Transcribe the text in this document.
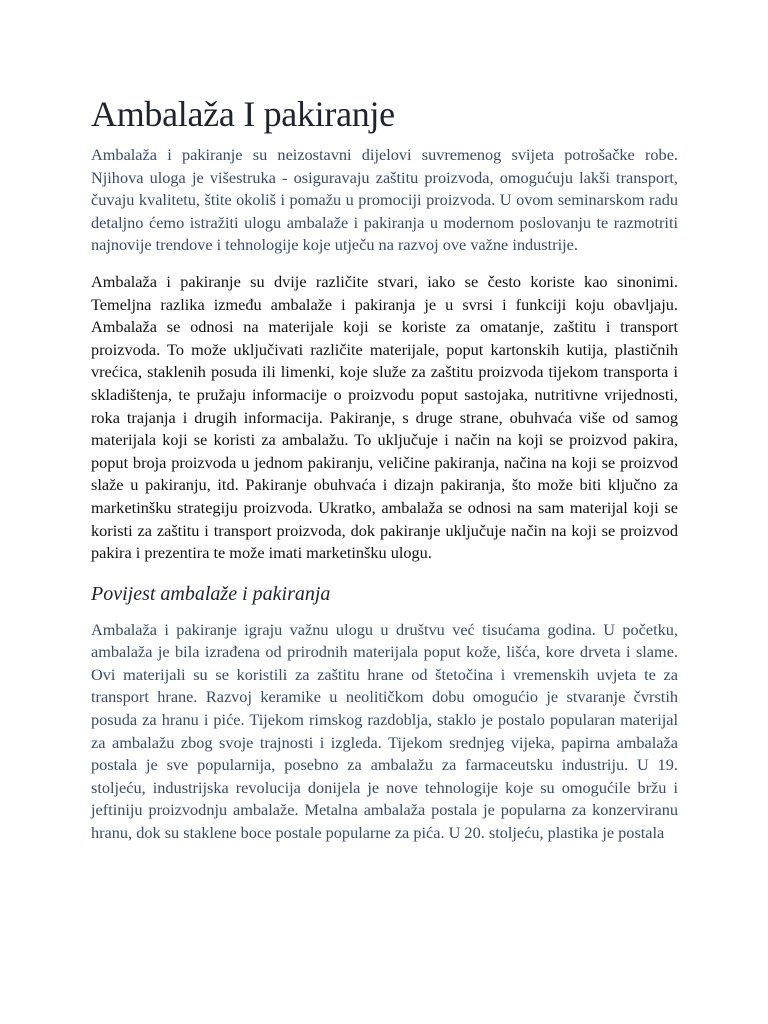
Ambalaža I pakiranje

Ambalaža i pakiranje su neizostavni dijelovi suvremenog svijeta potrošačke robe. Njihova uloga je višestruka - osiguravaju zaštitu proizvoda, omogućuju lakši transport, čuvaju kvalitetu, štite okoliš i pomažu u promociji proizvoda. U ovom seminarskom radu detaljno ćemo istražiti ulogu ambalaže i pakiranja u modernom poslovanju te razmotriti najnovije trendove i tehnologije koje utječu na razvoj ove važne industrije.

Ambalaža i pakiranje su dvije različite stvari, iako se često koriste kao sinonimi. Temeljna razlika između ambalaže i pakiranja je u svrsi i funkciji koju obavljaju. Ambalaža se odnosi na materijale koji se koriste za omatanje, zaštitu i transport proizvoda. To može uključivati različite materijale, poput kartonskih kutija, plastičnih vrećica, staklenih posuda ili limenki, koje služe za zaštitu proizvoda tijekom transporta i skladištenja, te pružaju informacije o proizvodu poput sastojaka, nutritivne vrijednosti, roka trajanja i drugih informacija. Pakiranje, s druge strane, obuhvaća više od samog materijala koji se koristi za ambalažu. To uključuje i način na koji se proizvod pakira, poput broja proizvoda u jednom pakiranju, veličine pakiranja, načina na koji se proizvod slaže u pakiranju, itd. Pakiranje obuhvaća i dizajn pakiranja, što može biti ključno za marketinšku strategiju proizvoda. Ukratko, ambalaža se odnosi na sam materijal koji se koristi za zaštitu i transport proizvoda, dok pakiranje uključuje način na koji se proizvod pakira i prezentira te može imati marketinšku ulogu.

Povijest ambalaže i pakiranja

Ambalaža i pakiranje igraju važnu ulogu u društvu već tisućama godina. U početku, ambalaža je bila izrađena od prirodnih materijala poput kože, lišća, kore drveta i slame. Ovi materijali su se koristili za zaštitu hrane od štetočina i vremenskih uvjeta te za transport hrane. Razvoj keramike u neolitičkom dobu omogućio je stvaranje čvrstih posuda za hranu i piće. Tijekom rimskog razdoblja, staklo je postalo popularan materijal za ambalažu zbog svoje trajnosti i izgleda. Tijekom srednjeg vijeka, papirna ambalaža postala je sve popularnija, posebno za ambalažu za farmaceutsku industriju. U 19. stoljeću, industrijska revolucija donijela je nove tehnologije koje su omogućile bržu i jeftiniju proizvodnju ambalaže. Metalna ambalaža postala je popularna za konzerviranu hranu, dok su staklene boce postale popularne za pića. U 20. stoljeću, plastika je postala
